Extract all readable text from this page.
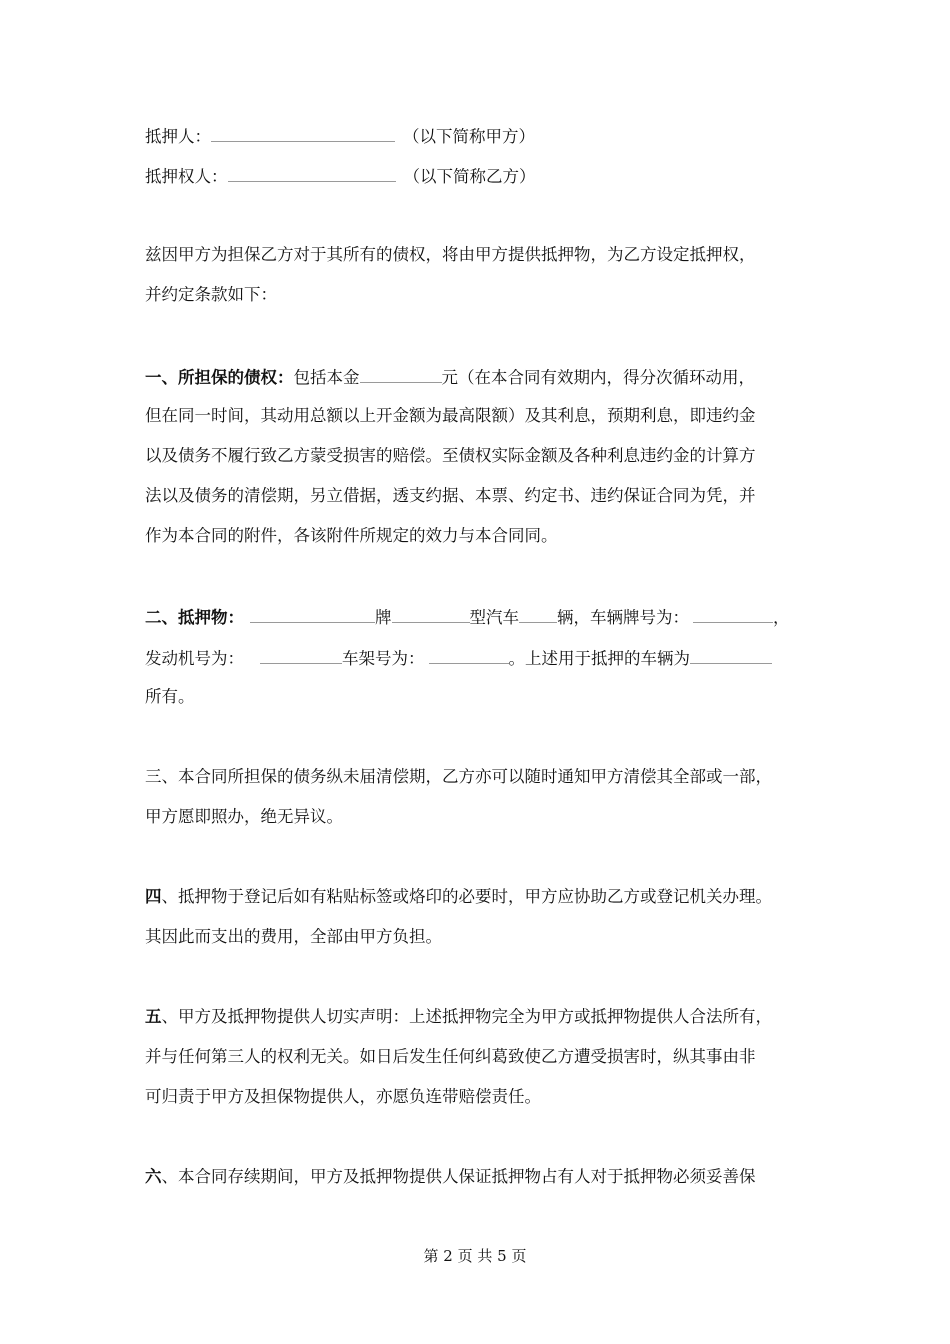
抵押人：	（以下简称甲方）
抵押权人：	（以下简称乙方）
兹因甲方为担保乙方对于其所有的债权，将由甲方提供抵押物，为乙方设定抵押权，
并约定条款如下：
一、所担保的债权：包括本金	元（在本合同有效期内，得分次循环动用，
但在同一时间，其动用总额以上开金额为最高限额）及其利息，预期利息，即违约金
以及债务不履行致乙方蒙受损害的赔偿。至债权实际金额及各种利息违约金的计算方
法以及债务的清偿期，另立借据，透支约据、本票、约定书、违约保证合同为凭，并
作为本合同的附件，各该附件所规定的效力与本合同同。
二、抵押物：	牌	型汽车 辆，车辆牌号为：	，
发动机号为：	车架号为：	。上述用于抵押的车辆为
所有。
三、本合同所担保的债务纵未届清偿期，乙方亦可以随时通知甲方清偿其全部或一部，
甲方愿即照办，绝无异议。
四、抵押物于登记后如有粘贴标签或烙印的必要时，甲方应协助乙方或登记机关办理。
其因此而支出的费用，全部由甲方负担。
五、甲方及抵押物提供人切实声明：上述抵押物完全为甲方或抵押物提供人合法所有，
并与任何第三人的权利无关。如日后发生任何纠葛致使乙方遭受损害时，纵其事由非
可归责于甲方及担保物提供人，亦愿负连带赔偿责任。
六、本合同存续期间，甲方及抵押物提供人保证抵押物占有人对于抵押物必须妥善保
第 2 页 共 5 页
